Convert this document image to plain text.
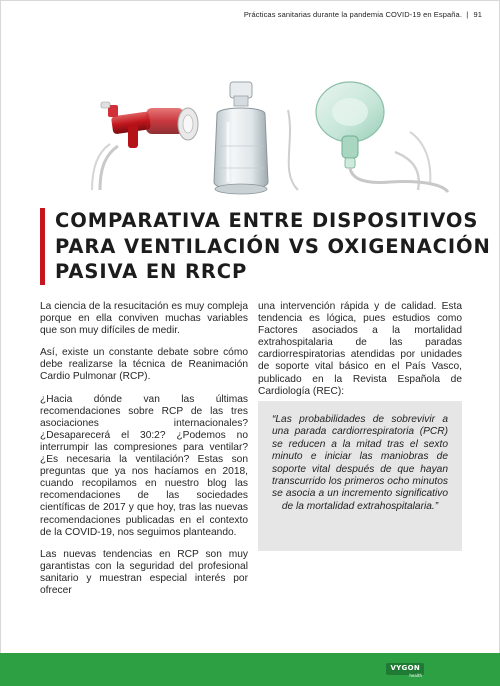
Prácticas sanitarias durante la pandemia COVID-19 en España. | 91
COMPARATIVA ENTRE DISPOSITIVOS PARA VENTILACIÓN VS OXIGENACIÓN PASIVA EN RRCP

La ciencia de la resucitación es muy compleja porque en ella conviven muchas variables que son muy difíciles de medir.

Así, existe un constante debate sobre cómo debe realizarse la técnica de Reanimación Cardio Pulmonar (RCP).

¿Hacia dónde van las últimas recomendaciones sobre RCP de las tres asociaciones internacionales? ¿Desaparecerá el 30:2? ¿Podemos no interrumpir las compresiones para ventilar? ¿Es necesaria la ventilación? Estas son preguntas que ya nos hacíamos en 2018, cuando recopilamos en nuestro blog las recomendaciones de las sociedades científicas de 2017 y que hoy, tras las nuevas recomendaciones publicadas en el contexto de la COVID-19, nos seguimos planteando.

Las nuevas tendencias en RCP son muy garantistas con la seguridad del profesional sanitario y muestran especial interés por ofrecer

una intervención rápida y de calidad. Esta tendencia es lógica, pues estudios como Factores asociados a la mortalidad extrahospitalaria de las paradas cardiorrespiratorias atendidas por unidades de soporte vital básico en el País Vasco, publicado en la Revista Española de Cardiología (REC):

“Las probabilidades de sobrevivir a una parada cardiorrespiratoria (PCR) se reducen a la mitad tras el sexto minuto e iniciar las maniobras de soporte vital después de que hayan transcurrido los primeros ocho minutos se asocia a un incremento significativo de la mortalidad extrahospitalaria.”

VYGON
health
